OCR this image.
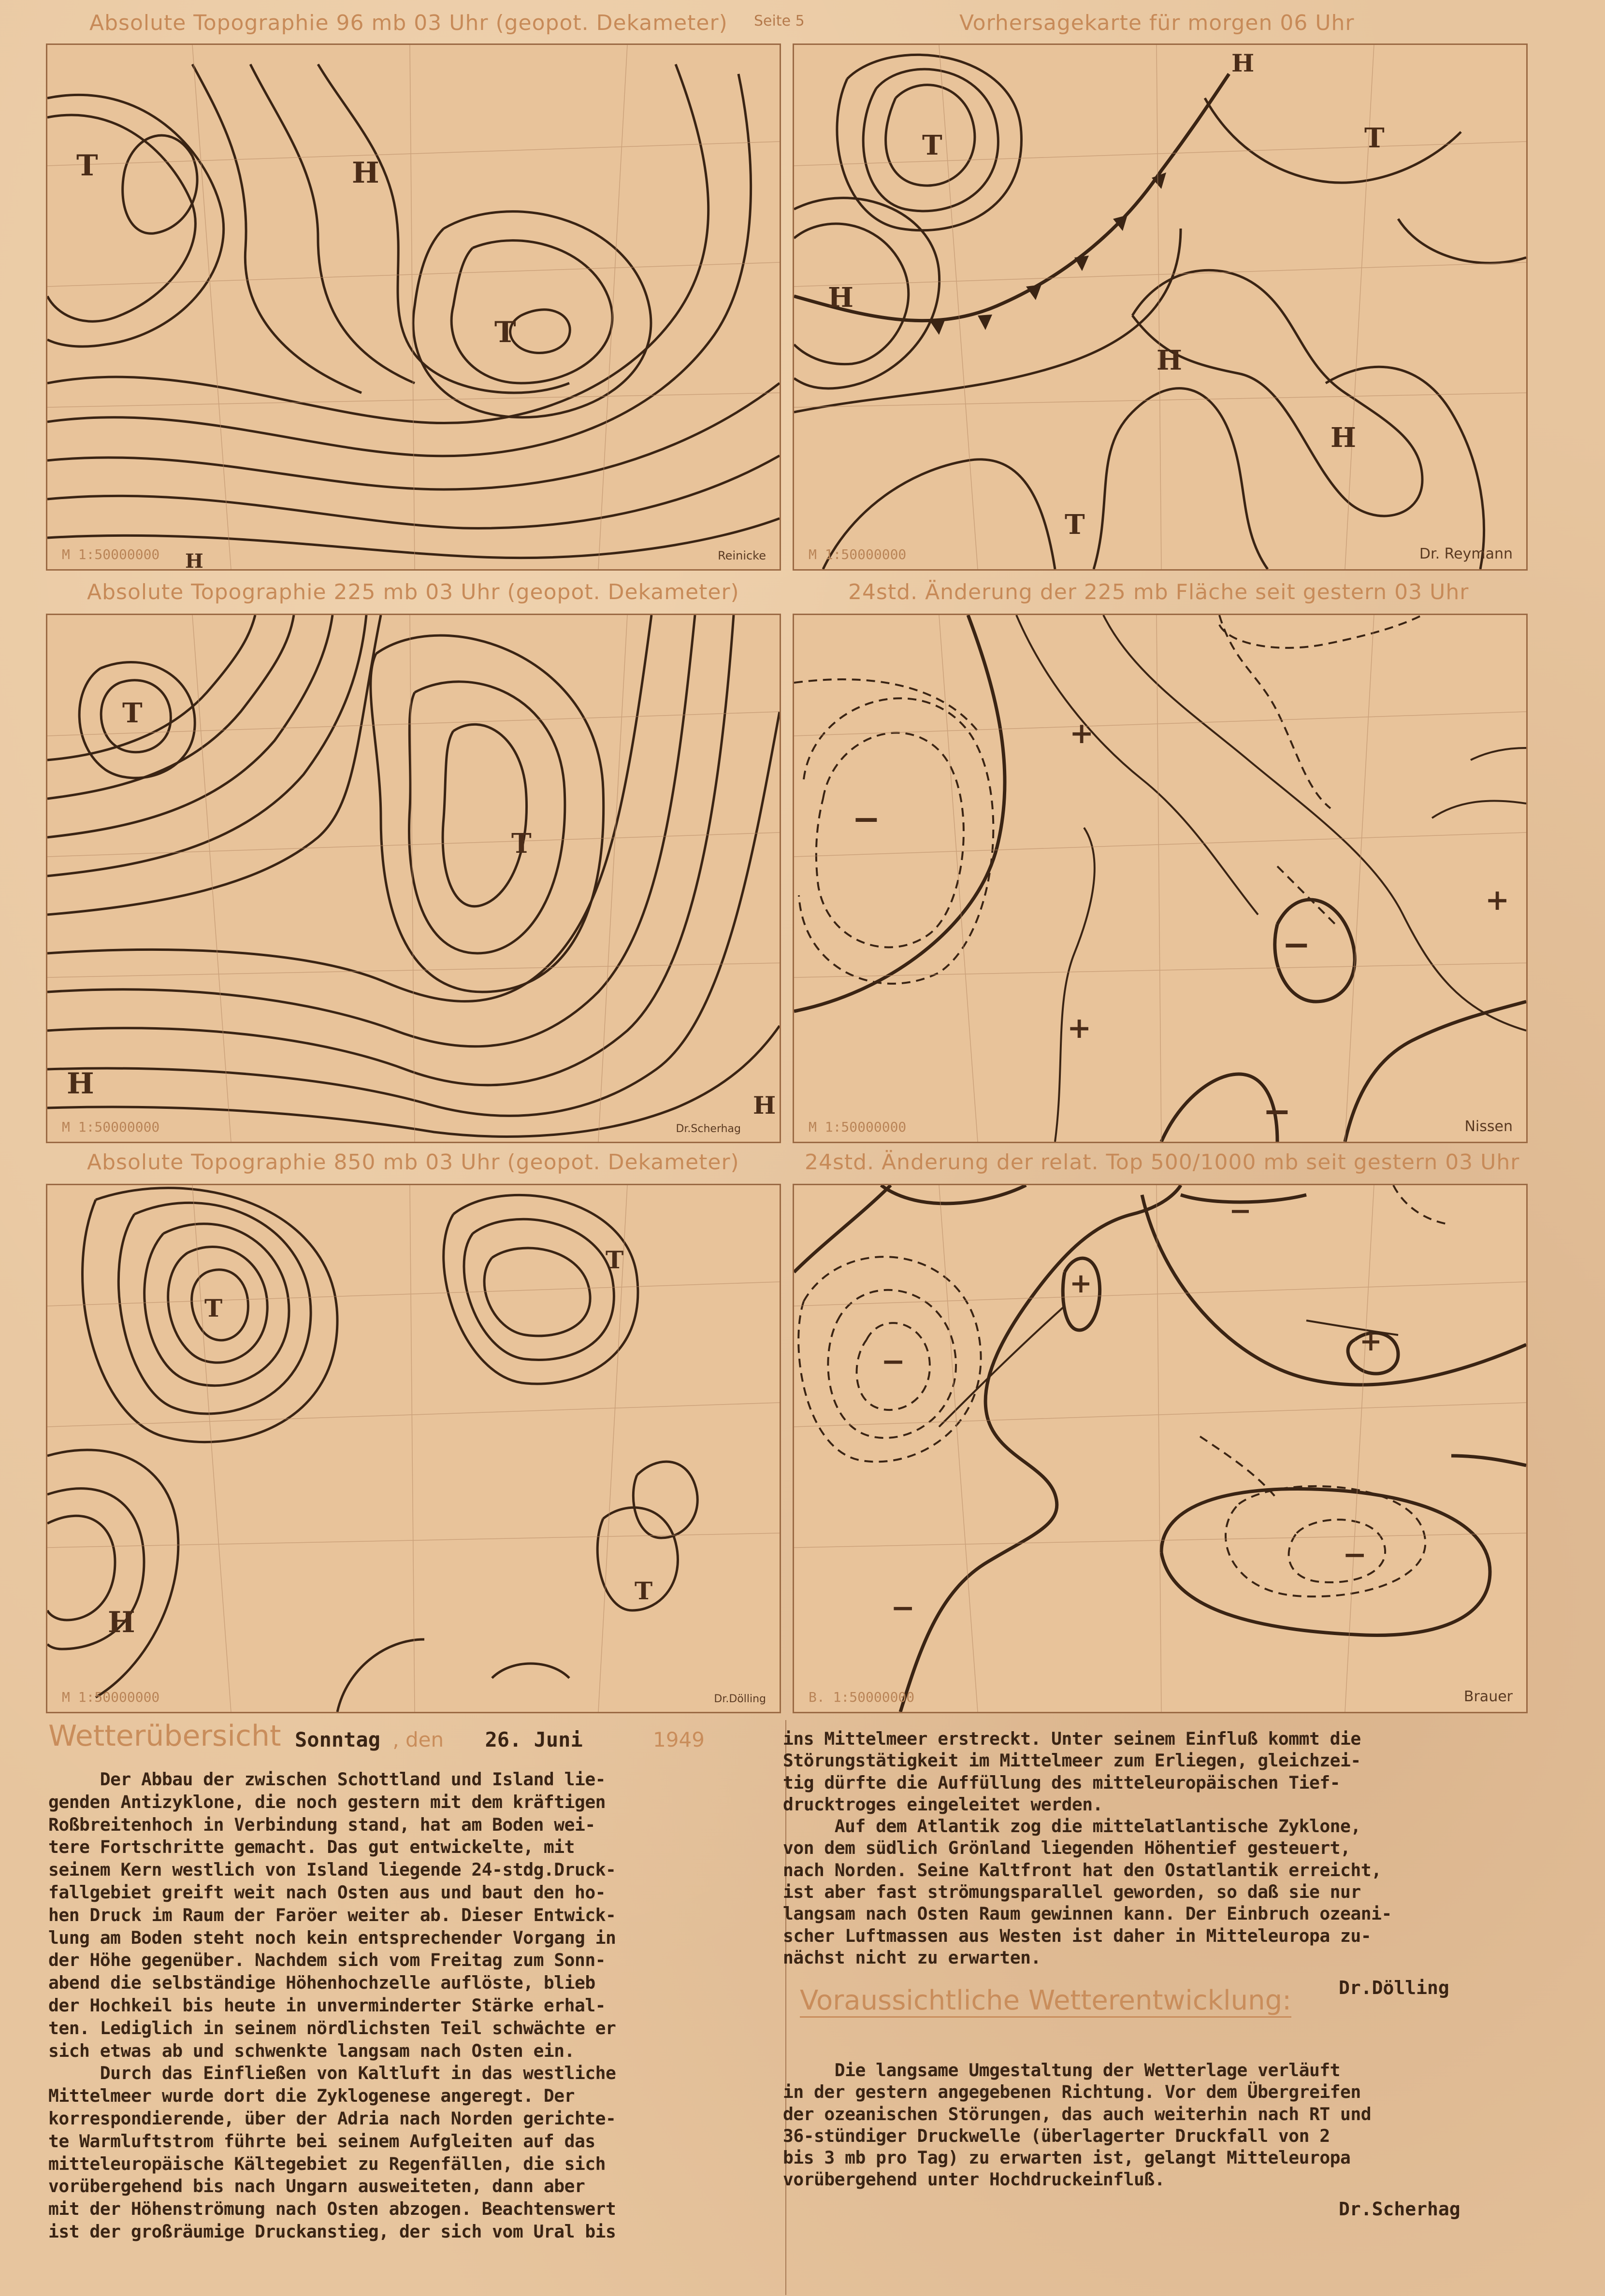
Absolute Topographie 96 mb 03 Uhr (geopot. Dekameter) Seite 5	Vorhersagekarte für morgen 06 Uhr
T	H
T
H
M 1:50000000	Reinicke
H
T	T
H
H
H
T
M 1:50000000	Dr. Reymann
Absolute Topographie 225 mb 03 Uhr (geopot. Dekameter)	24std. Änderung der 225 mb Fläche seit gestern 03 Uhr
T
T
H
H
M 1:50000000	Dr.Scherhag
−
+
−
+
+
−
M 1:50000000	Nissen
Absolute Topographie 850 mb 03 Uhr (geopot. Dekameter)	24std. Änderung der relat. Top 500/1000 mb seit gestern 03 Uhr
T
T
H
T
M 1:50000000	Dr.Dölling
+
−
+
−
−
−
B. 1:50000000	Brauer
Wetterübersicht Sonntag , den 26. Juni	1949
Der Abbau der zwischen Schottland und Island lie-
genden Antizyklone, die noch gestern mit dem kräftigen
Roßbreitenhoch in Verbindung stand, hat am Boden wei-
tere Fortschritte gemacht. Das gut entwickelte, mit
seinem Kern westlich von Island liegende 24-stdg.Druck-
fallgebiet greift weit nach Osten aus und baut den ho-
hen Druck im Raum der Faröer weiter ab. Dieser Entwick-
lung am Boden steht noch kein entsprechender Vorgang in
der Höhe gegenüber. Nachdem sich vom Freitag zum Sonn-
abend die selbständige Höhenhochzelle auflöste, blieb
der Hochkeil bis heute in unverminderter Stärke erhal-
ten. Lediglich in seinem nördlichsten Teil schwächte er
sich etwas ab und schwenkte langsam nach Osten ein.
Durch das Einfließen von Kaltluft in das westliche
Mittelmeer wurde dort die Zyklogenese angeregt. Der
korrespondierende, über der Adria nach Norden gerichte-
te Warmluftstrom führte bei seinem Aufgleiten auf das
mitteleuropäische Kältegebiet zu Regenfällen, die sich
vorübergehend bis nach Ungarn ausweiteten, dann aber
mit der Höhenströmung nach Osten abzogen. Beachtenswert
ist der großräumige Druckanstieg, der sich vom Ural bis
ins Mittelmeer erstreckt. Unter seinem Einfluß kommt die
Störungstätigkeit im Mittelmeer zum Erliegen, gleichzei-
tig dürfte die Auffüllung des mitteleuropäischen Tief-
drucktroges eingeleitet werden.
Auf dem Atlantik zog die mittelatlantische Zyklone,
von dem südlich Grönland liegenden Höhentief gesteuert,
nach Norden. Seine Kaltfront hat den Ostatlantik erreicht,
ist aber fast strömungsparallel geworden, so daß sie nur
langsam nach Osten Raum gewinnen kann. Der Einbruch ozeani-
scher Luftmassen aus Westen ist daher in Mitteleuropa zu-
nächst nicht zu erwarten.
Dr.Dölling
Voraussichtliche Wetterentwicklung:
Die langsame Umgestaltung der Wetterlage verläuft
in der gestern angegebenen Richtung. Vor dem Übergreifen
der ozeanischen Störungen, das auch weiterhin nach RT und
36-stündiger Druckwelle (überlagerter Druckfall von 2
bis 3 mb pro Tag) zu erwarten ist, gelangt Mitteleuropa
vorübergehend unter Hochdruckeinfluß.
Dr.Scherhag
